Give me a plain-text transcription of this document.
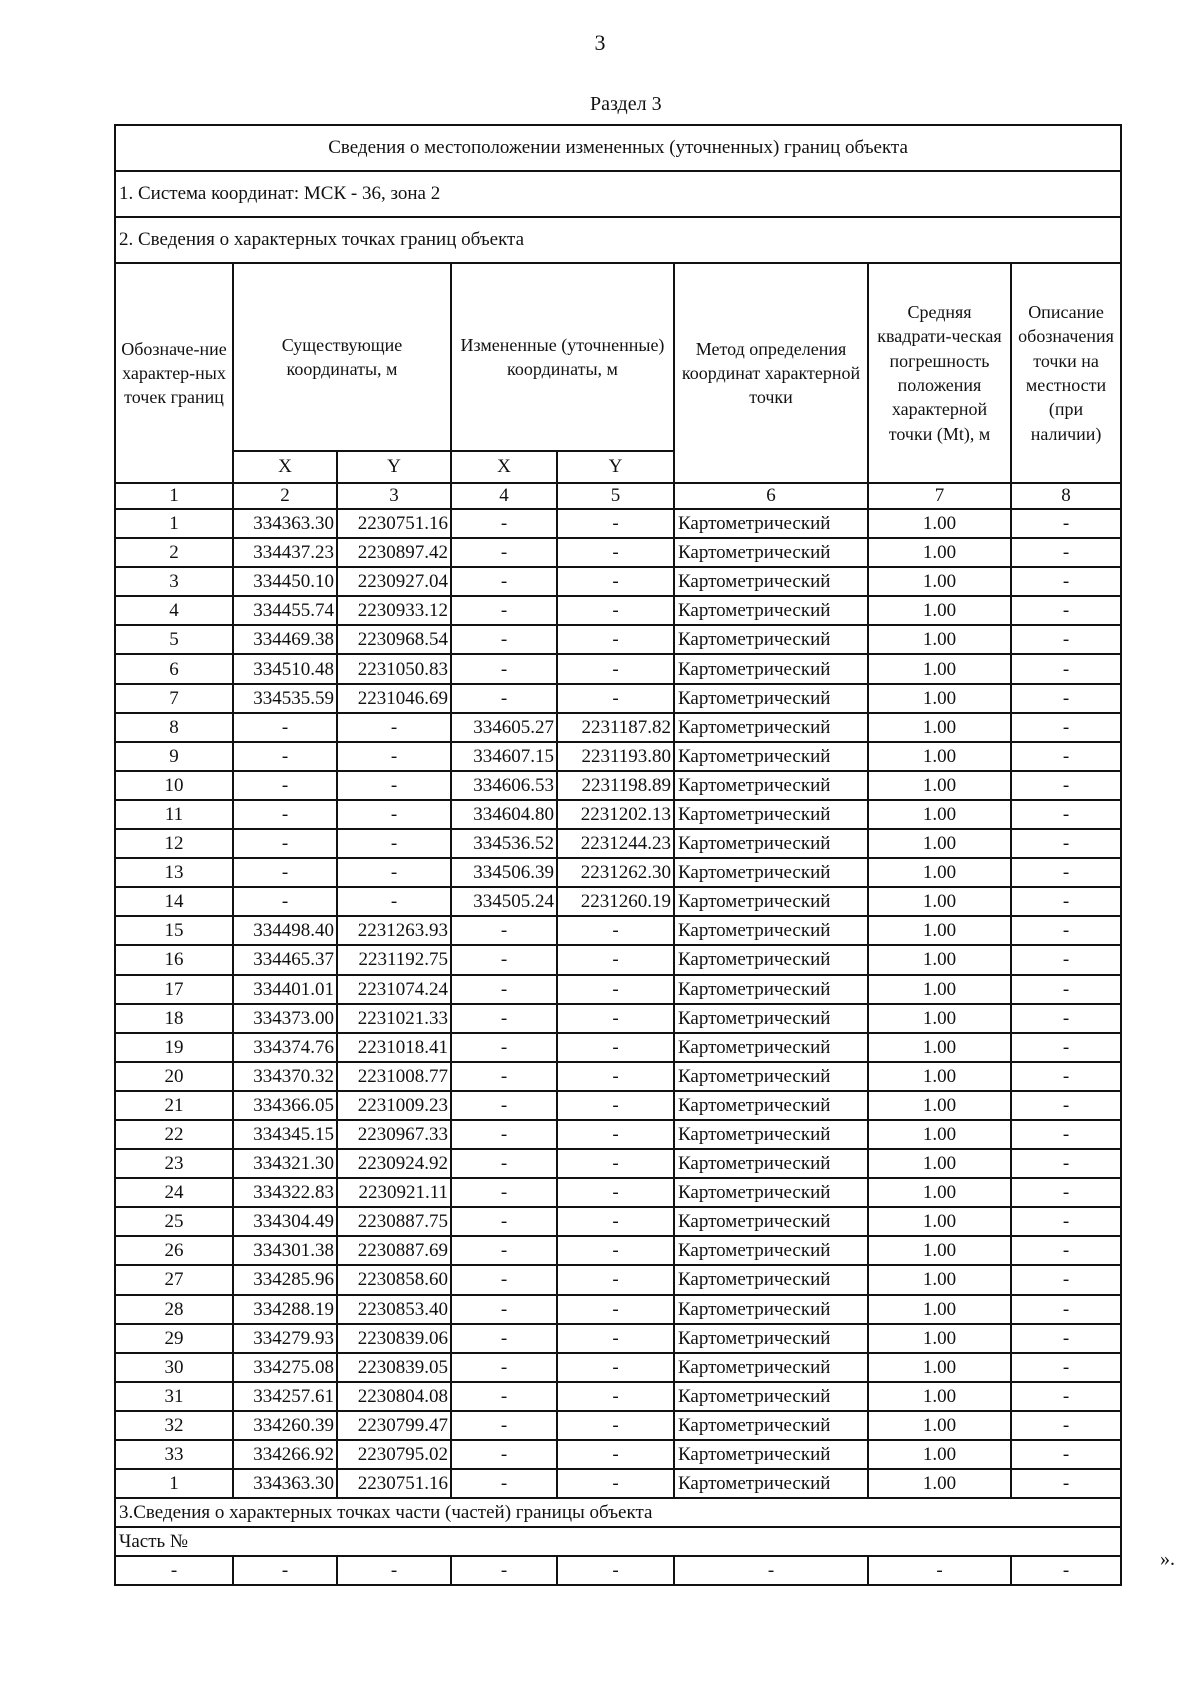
3
Раздел 3
Сведения о местоположении измененных (уточненных) границ объекта							
1. Система координат: МСК - 36, зона 2							
2. Сведения о характерных точках границ объекта							
Обозначе-ние характер-ных точек границ	Существующие координаты, м		Измененные (уточненные) координаты, м		Метод определения координат характерной точки	Средняя квадрати-ческая погрешность положения характерной точки (Mt), м	Описание обозначения точки на местности (при наличии)
	X	Y	X	Y			
1	2	3	4	5	6	7	8
1	334363.30	2230751.16	-	-	Картометрический	1.00	-
2	334437.23	2230897.42	-	-	Картометрический	1.00	-
3	334450.10	2230927.04	-	-	Картометрический	1.00	-
4	334455.74	2230933.12	-	-	Картометрический	1.00	-
5	334469.38	2230968.54	-	-	Картометрический	1.00	-
6	334510.48	2231050.83	-	-	Картометрический	1.00	-
7	334535.59	2231046.69	-	-	Картометрический	1.00	-
8	-	-	334605.27	2231187.82	Картометрический	1.00	-
9	-	-	334607.15	2231193.80	Картометрический	1.00	-
10	-	-	334606.53	2231198.89	Картометрический	1.00	-
11	-	-	334604.80	2231202.13	Картометрический	1.00	-
12	-	-	334536.52	2231244.23	Картометрический	1.00	-
13	-	-	334506.39	2231262.30	Картометрический	1.00	-
14	-	-	334505.24	2231260.19	Картометрический	1.00	-
15	334498.40	2231263.93	-	-	Картометрический	1.00	-
16	334465.37	2231192.75	-	-	Картометрический	1.00	-
17	334401.01	2231074.24	-	-	Картометрический	1.00	-
18	334373.00	2231021.33	-	-	Картометрический	1.00	-
19	334374.76	2231018.41	-	-	Картометрический	1.00	-
20	334370.32	2231008.77	-	-	Картометрический	1.00	-
21	334366.05	2231009.23	-	-	Картометрический	1.00	-
22	334345.15	2230967.33	-	-	Картометрический	1.00	-
23	334321.30	2230924.92	-	-	Картометрический	1.00	-
24	334322.83	2230921.11	-	-	Картометрический	1.00	-
25	334304.49	2230887.75	-	-	Картометрический	1.00	-
26	334301.38	2230887.69	-	-	Картометрический	1.00	-
27	334285.96	2230858.60	-	-	Картометрический	1.00	-
28	334288.19	2230853.40	-	-	Картометрический	1.00	-
29	334279.93	2230839.06	-	-	Картометрический	1.00	-
30	334275.08	2230839.05	-	-	Картометрический	1.00	-
31	334257.61	2230804.08	-	-	Картометрический	1.00	-
32	334260.39	2230799.47	-	-	Картометрический	1.00	-
33	334266.92	2230795.02	-	-	Картометрический	1.00	-
1	334363.30	2230751.16	-	-	Картометрический	1.00	-
3.Сведения о характерных точках части (частей) границы объекта							
Часть №							
-	-	-	-	-	-	-	-
».
